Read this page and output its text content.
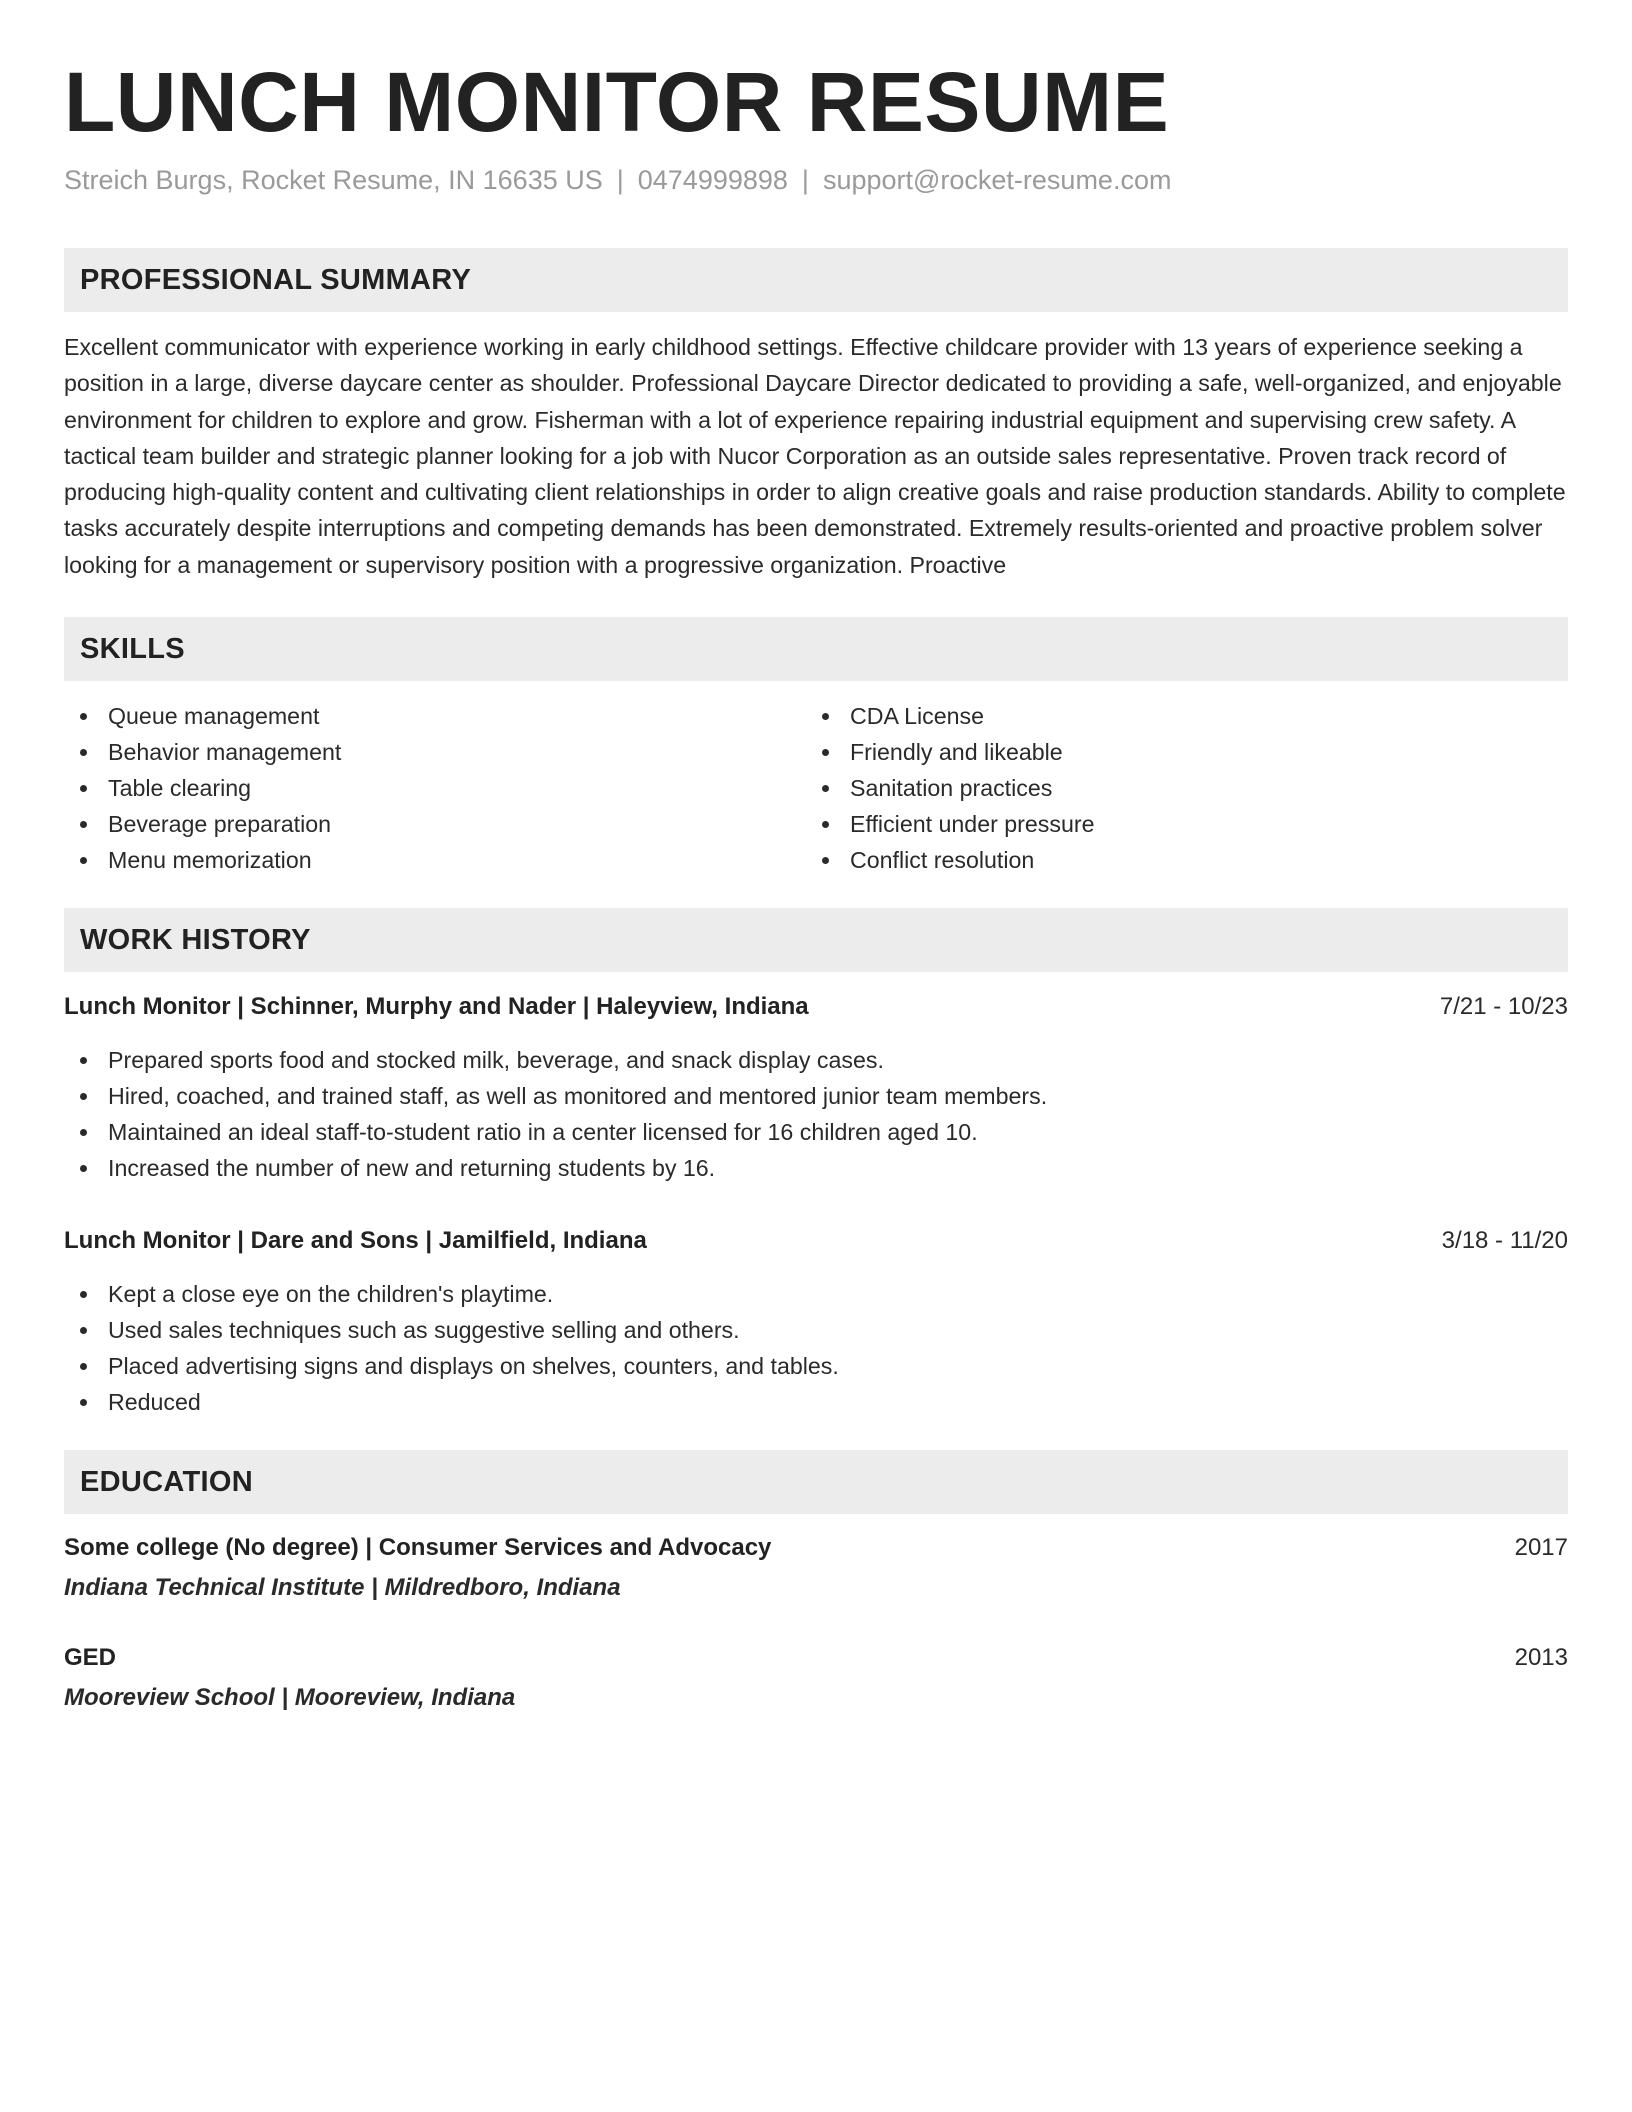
LUNCH MONITOR RESUME
Streich Burgs, Rocket Resume, IN 16635 US | 0474999898 | support@rocket-resume.com
PROFESSIONAL SUMMARY

Excellent communicator with experience working in early childhood settings. Effective childcare provider with 13 years of experience seeking a position in a large, diverse daycare center as shoulder. Professional Daycare Director dedicated to providing a safe, well-organized, and enjoyable environment for children to explore and grow. Fisherman with a lot of experience repairing industrial equipment and supervising crew safety. A tactical team builder and strategic planner looking for a job with Nucor Corporation as an outside sales representative. Proven track record of producing high-quality content and cultivating client relationships in order to align creative goals and raise production standards. Ability to complete tasks accurately despite interruptions and competing demands has been demonstrated. Extremely results-oriented and proactive problem solver looking for a management or supervisory position with a progressive organization. Proactive

SKILLS
Queue management
Behavior management
Table clearing
Beverage preparation
Menu memorization
CDA License
Friendly and likeable
Sanitation practices
Efficient under pressure
Conflict resolution
WORK HISTORY
Lunch Monitor | Schinner, Murphy and Nader | Haleyview, Indiana	7/21 - 10/23
Prepared sports food and stocked milk, beverage, and snack display cases.
Hired, coached, and trained staff, as well as monitored and mentored junior team members.
Maintained an ideal staff-to-student ratio in a center licensed for 16 children aged 10.
Increased the number of new and returning students by 16.
Lunch Monitor | Dare and Sons | Jamilfield, Indiana	3/18 - 11/20
Kept a close eye on the children's playtime.
Used sales techniques such as suggestive selling and others.
Placed advertising signs and displays on shelves, counters, and tables.
Reduced
EDUCATION
Some college (No degree) | Consumer Services and Advocacy	2017
Indiana Technical Institute | Mildredboro, Indiana
GED	2013
Mooreview School | Mooreview, Indiana
